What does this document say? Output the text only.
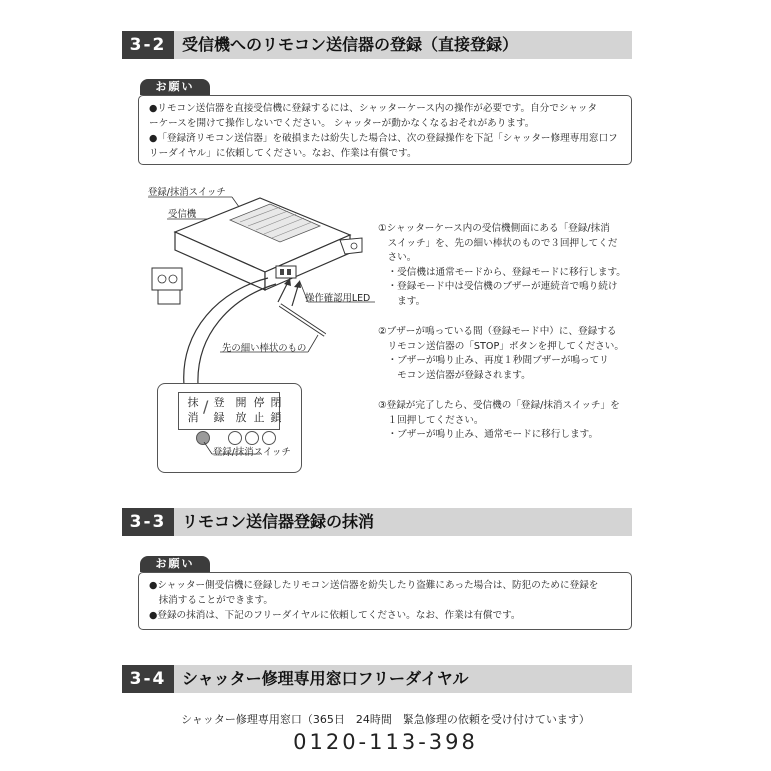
3-2 受信機へのリモコン送信器の登録（直接登録）
お願い

●リモコン送信器を直接受信機に登録するには、シャッターケース内の操作が必要です。自分でシャッタ

ーケースを開けて操作しないでください。 シャッターが動かなくなるおそれがあります。

●「登録済リモコン送信器」を破損または紛失した場合は、次の登録操作を下記「シャッター修理専用窓口フ

リーダイヤル」に依頼してください。なお、作業は有償です。

登録/抹消スイッチ
受信機
操作確認用LED
先の細い棒状のもの
抹
消
/ 登
録
開
放
停
止
閉
鎖
登録/抹消スイッチ

①シャッターケース内の受信機側面にある「登録/抹消

　スイッチ」を、先の細い棒状のもので３回押してくだ

　さい。

　・受信機は通常モードから、登録モードに移行します。

　・登録モード中は受信機のブザーが連続音で鳴り続け

　　ます。

②ブザーが鳴っている間（登録モード中）に、登録する

　リモコン送信器の「STOP」ボタンを押してください。

　・ブザーが鳴り止み、再度１秒間ブザーが鳴ってリ

　　モコン送信器が登録されます。

③登録が完了したら、受信機の「登録/抹消スイッチ」を

　１回押してください。

　・ブザーが鳴り止み、通常モードに移行します。

3-3 リモコン送信器登録の抹消
お願い

●シャッター側受信機に登録したリモコン送信器を紛失したり盗難にあった場合は、防犯のために登録を

　抹消することができます。

●登録の抹消は、下記のフリーダイヤルに依頼してください。なお、作業は有償です。

3-4 シャッター修理専用窓口フリーダイヤル
シャッター修理専用窓口（365日　24時間　緊急修理の依頼を受け付けています）
0120-113-398
